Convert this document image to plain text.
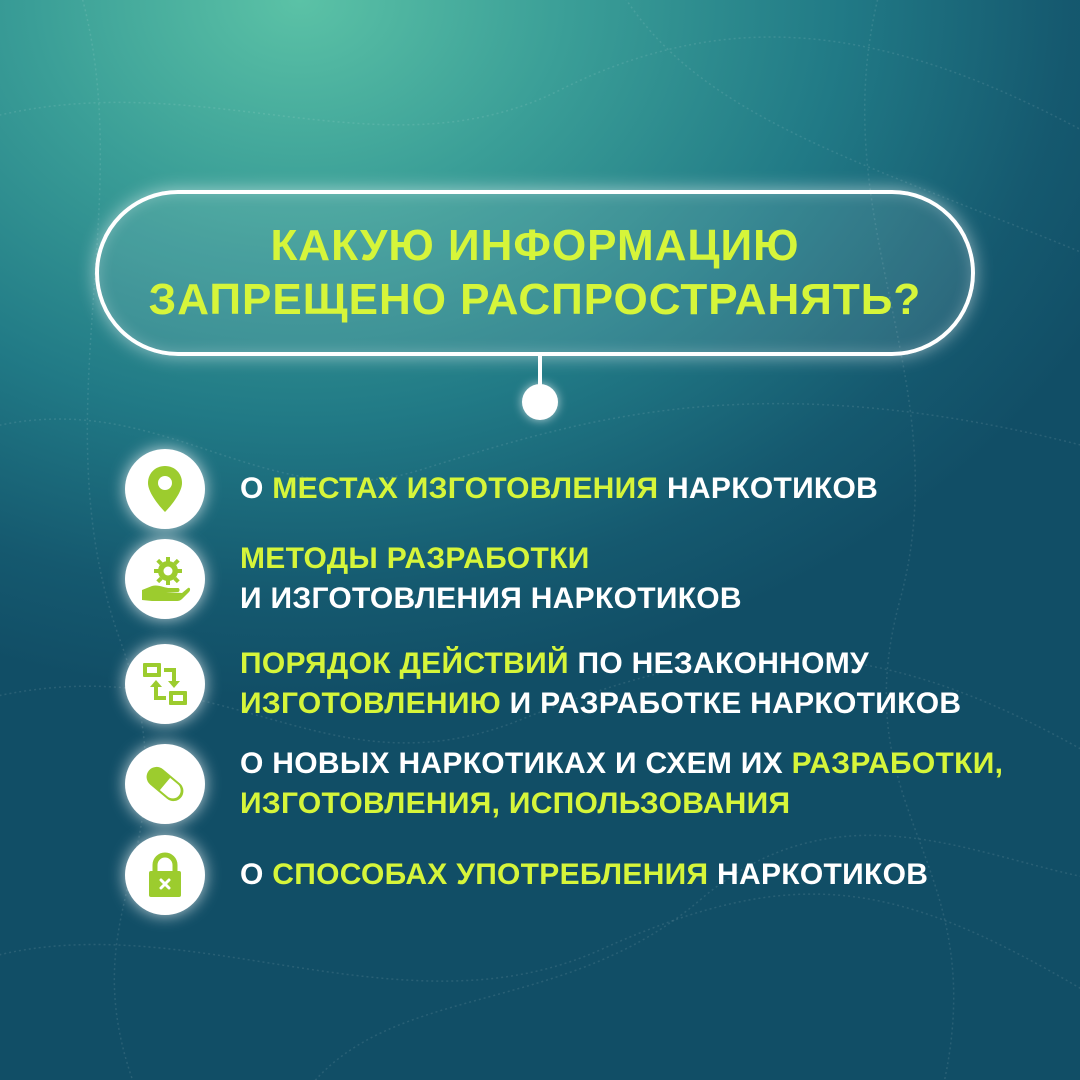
КАКУЮ ИНФОРМАЦИЮ
ЗАПРЕЩЕНО РАСПРОСТРАНЯТЬ?
О МЕСТАХ ИЗГОТОВЛЕНИЯ НАРКОТИКОВ
МЕТОДЫ РАЗРАБОТКИ
И ИЗГОТОВЛЕНИЯ НАРКОТИКОВ
ПОРЯДОК ДЕЙСТВИЙ ПО НЕЗАКОННОМУ
ИЗГОТОВЛЕНИЮ И РАЗРАБОТКЕ НАРКОТИКОВ
О НОВЫХ НАРКОТИКАХ И СХЕМ ИХ РАЗРАБОТКИ,
ИЗГОТОВЛЕНИЯ, ИСПОЛЬЗОВАНИЯ
О СПОСОБАХ УПОТРЕБЛЕНИЯ НАРКОТИКОВ
